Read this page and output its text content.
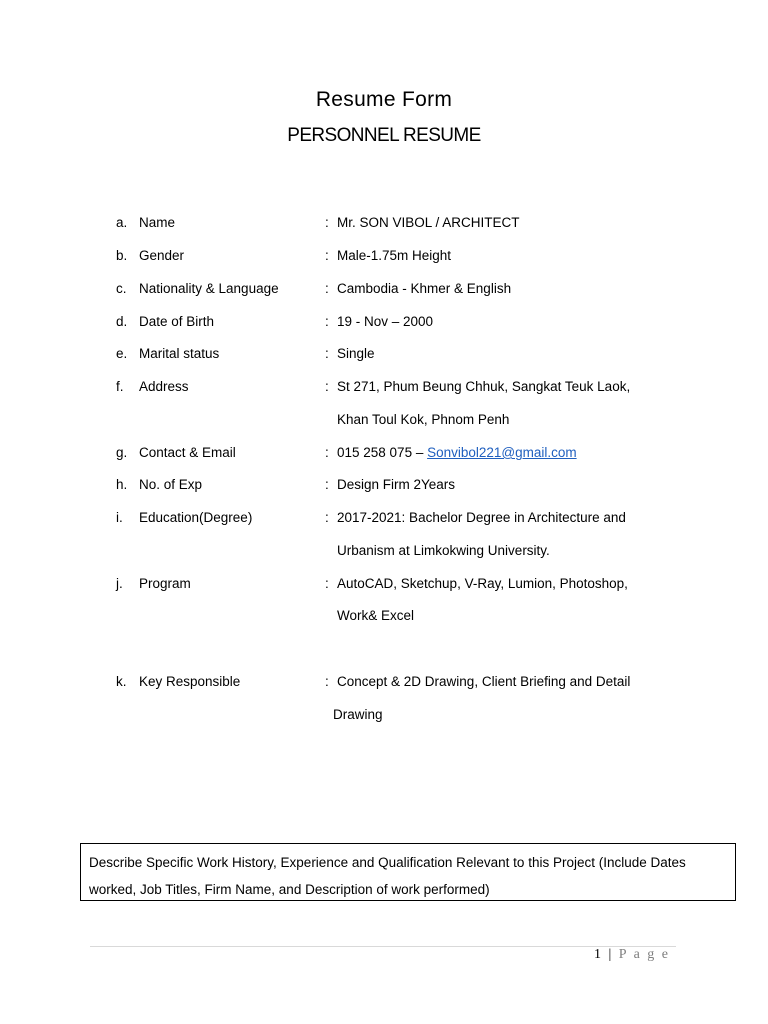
Resume Form
PERSONNEL RESUME
a. Name	: Mr. SON VIBOL / ARCHITECT
b. Gender	: Male-1.75m Height
c. Nationality & Language	: Cambodia - Khmer & English
d. Date of Birth	: 19 - Nov – 2000
e. Marital status	: Single
f. Address	: St 271, Phum Beung Chhuk, Sangkat Teuk Laok,
Khan Toul Kok, Phnom Penh
g. Contact & Email	: 015 258 075 – Sonvibol221@gmail.com
h. No. of Exp	: Design Firm 2Years
i. Education(Degree)	: 2017-2021: Bachelor Degree in Architecture and
Urbanism at Limkokwing University.
j. Program	: AutoCAD, Sketchup, V-Ray, Lumion, Photoshop,
Work& Excel
k. Key Responsible	: Concept & 2D Drawing, Client Briefing and Detail
Drawing
Describe Specific Work History, Experience and Qualification Relevant to this Project (Include Dates worked, Job Titles, Firm Name, and Description of work performed)
1 | P a g e
